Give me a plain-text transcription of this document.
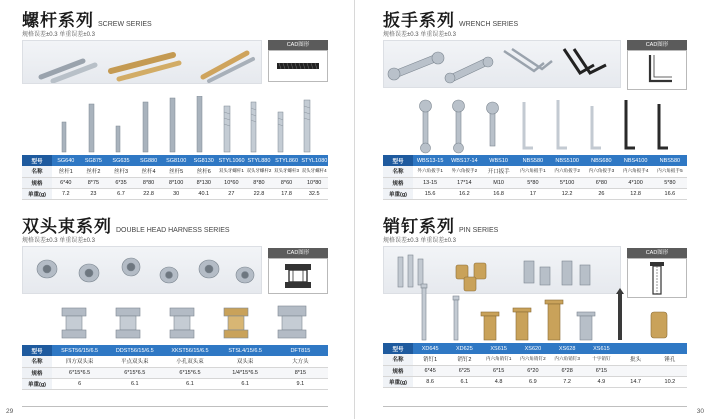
螺杆系列 SCREW SERIES
规格误差±0.3 单重误差±0.3
CAD图形
型号	SG640	SG875	SG635	SG880	SG8100	SG8130	STYL1060	STYL880	STYL860	STYL1080
名称	丝杆1	丝杆2	丝杆3	丝杆4	丝杆5	丝杆6	双头牙螺杆1	双头牙螺杆2	双头牙螺杆3	双头牙螺杆4
规格	6*40	8*75	6*35	8*80	8*100	8*130	10*60	8*80	8*60	10*80
单重(g)	7.2	23	6.7	22.8	30	40.1	27	22.8	17.8	32.5
双头束系列 DOUBLE HEAD HARNESS SERIES
规格误差±0.3 单重误差±0.3
CAD图形
型号	SFST56/15/6.5	DDST56/15/6.5	XKST56/15/6.5	STSL4/15/6.5	DFT815
名称	四方双头束	平点双头束	小孔双头束	双头束	大方头
规格	6*15*6.5	6*15*6.5	6*15*6.5	1/4*15*6.5	8*15
单重(g)	6	6.1	6.1	6.1	9.1
29
扳手系列 WRENCH SERIES
规格误差±0.3 单重误差±0.3
CAD图形
型号	WBS13-15	WBS17-14	WBS10	NBS580	NBS5100	NBS680	NBS4100	NBS580
名称	外六角扳手1	外六角扳手2	开口扳手	内六角扳手1	内六角扳手2	内六角扳手3	内六角扳手4	内六角扳手5
规格	13-15	17*14	M10	5*80	5*100	6*80	4*100	5*80
单重(g)	15.6	16.2	16.8	17	12.2	26	12.8	16.6
销钉系列 PIN SERIES
规格误差±0.3 单重误差±0.3
CAD图形
型号	XD645	XD625	XS615	XS620	XS628	XS615		
名称	销钉1	销钉2	内六角销钉1	内六角销钉2	内六角销钉3	十字销钉	批头	锤孔
规格	6*45	6*25	6*15	6*20	6*28	6*15		
单重(g)	8.6	6.1	4.8	6.9	7.2	4.9	14.7	10.2
30
